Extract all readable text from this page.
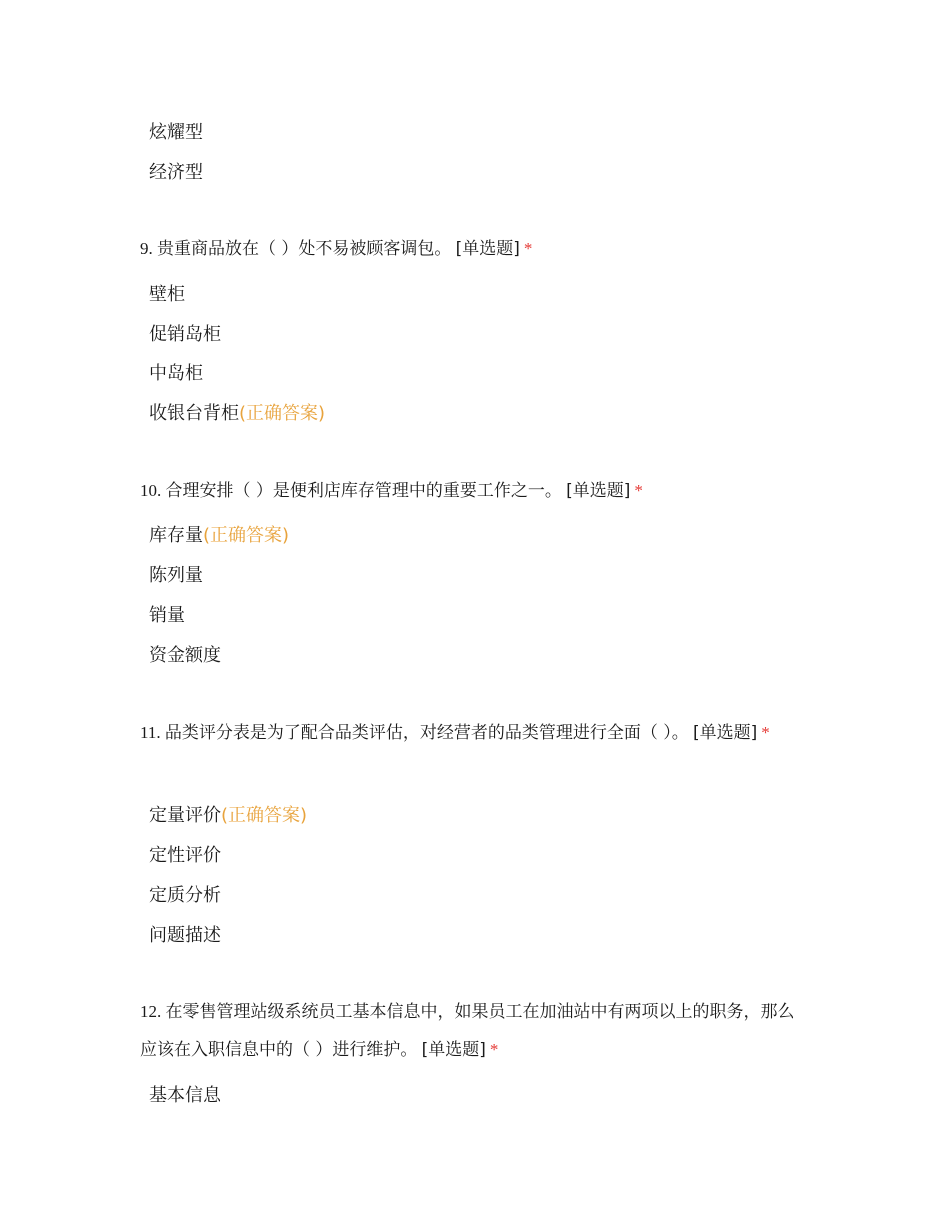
炫耀型
经济型
9. 贵重商品放在（ ）处不易被顾客调包。 [单选题] *
壁柜
促销岛柜
中岛柜
收银台背柜(正确答案)
10. 合理安排（ ）是便利店库存管理中的重要工作之一。 [单选题] *
库存量(正确答案)
陈列量
销量
资金额度
11. 品类评分表是为了配合品类评估，对经营者的品类管理进行全面（ ）。 [单选题] *
定量评价(正确答案)
定性评价
定质分析
问题描述
12. 在零售管理站级系统员工基本信息中，如果员工在加油站中有两项以上的职务，那么应该在入职信息中的（ ）进行维护。 [单选题] *
基本信息
